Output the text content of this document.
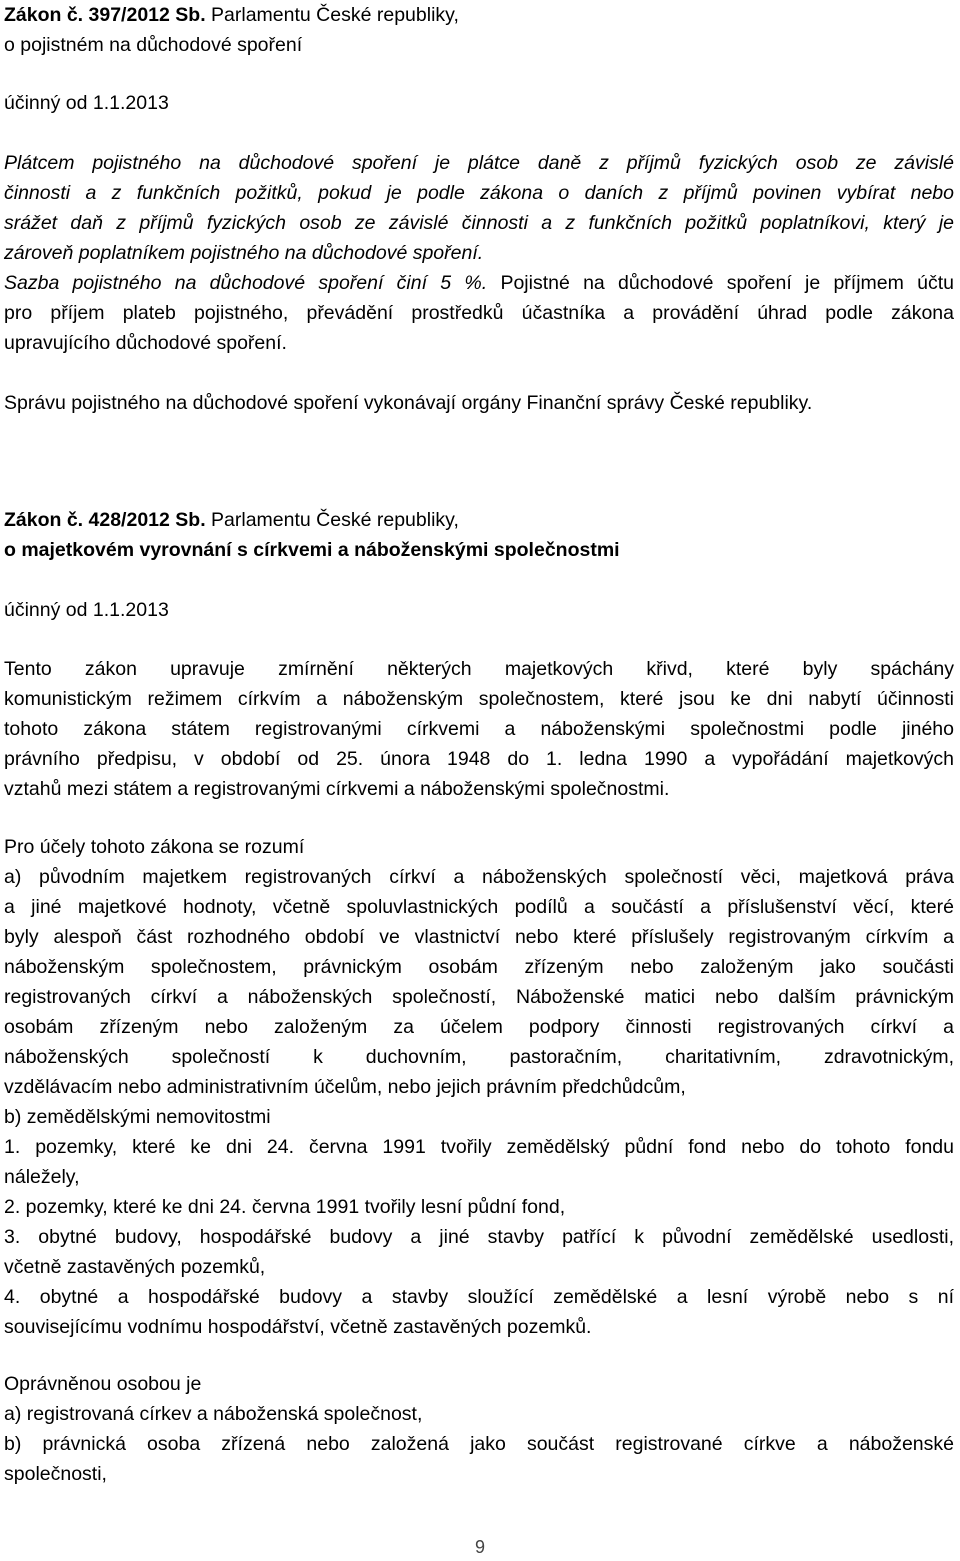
Zákon č. 397/2012 Sb. Parlamentu České republiky,
o pojistném na důchodové spoření
účinný od 1.1.2013
Plátcem pojistného na důchodové spoření je plátce daně z příjmů fyzických osob ze závislé
činnosti a z funkčních požitků, pokud je podle zákona o daních z příjmů povinen vybírat nebo
srážet daň z příjmů fyzických osob ze závislé činnosti a z funkčních požitků poplatníkovi, který je
zároveň poplatníkem pojistného na důchodové spoření.
Sazba pojistného na důchodové spoření činí 5 %. Pojistné na důchodové spoření je příjmem účtu
pro příjem plateb pojistného, převádění prostředků účastníka a provádění úhrad podle zákona
upravujícího důchodové spoření.
Správu pojistného na důchodové spoření vykonávají orgány Finanční správy České republiky.
Zákon č. 428/2012 Sb. Parlamentu České republiky,
o majetkovém vyrovnání s církvemi a náboženskými společnostmi
účinný od 1.1.2013
Tento zákon upravuje zmírnění některých majetkových křivd, které byly spáchány
komunistickým režimem církvím a náboženským společnostem, které jsou ke dni nabytí účinnosti
tohoto zákona státem registrovanými církvemi a náboženskými společnostmi podle jiného
právního předpisu, v období od 25. února 1948 do 1. ledna 1990 a vypořádání majetkových
vztahů mezi státem a registrovanými církvemi a náboženskými společnostmi.
Pro účely tohoto zákona se rozumí
a) původním majetkem registrovaných církví a náboženských společností věci, majetková práva
a jiné majetkové hodnoty, včetně spoluvlastnických podílů a součástí a příslušenství věcí, které
byly alespoň část rozhodného období ve vlastnictví nebo které příslušely registrovaným církvím a
náboženským společnostem, právnickým osobám zřízeným nebo založeným jako součásti
registrovaných církví a náboženských společností, Náboženské matici nebo dalším právnickým
osobám zřízeným nebo založeným za účelem podpory činnosti registrovaných církví a
náboženských společností k duchovním, pastoračním, charitativním, zdravotnickým,
vzdělávacím nebo administrativním účelům, nebo jejich právním předchůdcům,
b) zemědělskými nemovitostmi
1. pozemky, které ke dni 24. června 1991 tvořily zemědělský půdní fond nebo do tohoto fondu
náležely,
2. pozemky, které ke dni 24. června 1991 tvořily lesní půdní fond,
3. obytné budovy, hospodářské budovy a jiné stavby patřící k původní zemědělské usedlosti,
včetně zastavěných pozemků,
4. obytné a hospodářské budovy a stavby sloužící zemědělské a lesní výrobě nebo s ní
souvisejícímu vodnímu hospodářství, včetně zastavěných pozemků.
Oprávněnou osobou je
a) registrovaná církev a náboženská společnost,
b) právnická osoba zřízená nebo založená jako součást registrované církve a náboženské
společnosti,
9
